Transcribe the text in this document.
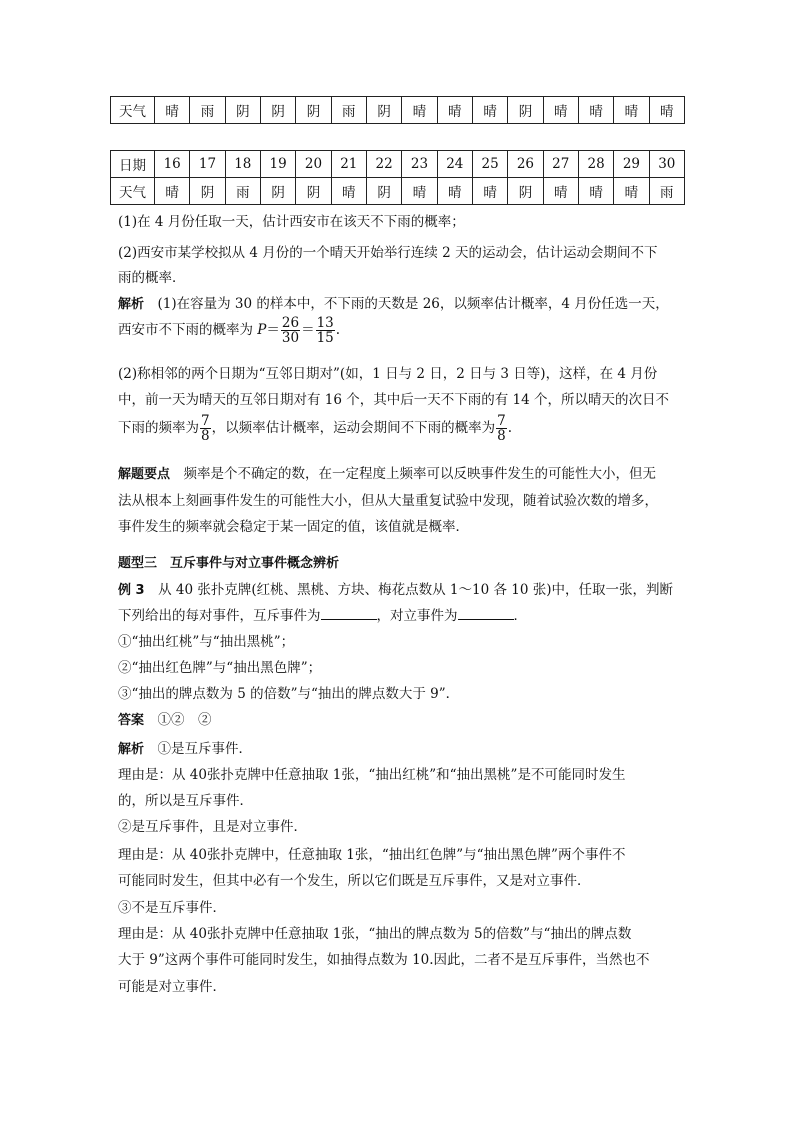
天气	晴	雨	阴	阴	阴	雨	阴	晴	晴	晴	阴	晴	晴	晴	晴
日期	16	17	18	19	20	21	22	23	24	25	26	27	28	29	30
天气	晴	阴	雨	阴	阴	晴	阴	晴	晴	晴	阴	晴	晴	晴	雨
(1)在 4 月份任取一天，估计西安市在该天不下雨的概率；
(2)西安市某学校拟从 4 月份的一个晴天开始举行连续 2 天的运动会，估计运动会期间不下
雨的概率．
解析　 (1)在容量为 30 的样本中，不下雨的天数是 26，以频率估计概率，4 月份任选一天，
西安市不下雨的概率为 $P= \frac{26}{30} = \frac{13}{15}$ .
(2)称相邻的两个日期为“互邻日期对”(如，1 日与 2 日，2 日与 3 日等)，这样，在 4 月份
中，前一天为晴天的互邻日期对有 16 个，其中后一天不下雨的有 14 个，所以晴天的次日不
下雨的频率为 $\frac{7}{8}$ ，以频率估计概率，运动会期间不下雨的概率为 $\frac{7}{8}$ .
解题要点　 频率是个不确定的数，在一定程度上频率可以反映事件发生的可能性大小，但无
法从根本上刻画事件发生的可能性大小，但从大量重复试验中发现，随着试验次数的增多，
事件发生的频率就会稳定于某一固定的值，该值就是概率．
题型三　互斥事件与对立事件概念辨析
例 3　 从 40 张扑克牌(红桃、黑桃、方块、梅花点数从 1～10 各 10 张)中，任取一张，判断
下列给出的每对事件，互斥事件为	，对立事件为	．
①“抽出红桃”与“抽出黑桃”；
②“抽出红色牌”与“抽出黑色牌”；
③“抽出的牌点数为 5 的倍数”与“抽出的牌点数大于 9”．
答案　 ①②　②
解析　 ①是互斥事件．
理由是：从 40张扑克牌中任意抽取 1张，“抽出红桃”和“抽出黑桃”是不可能同时发生
的，所以是互斥事件．
②是互斥事件，且是对立事件．
理由是：从 40张扑克牌中，任意抽取 1张，“抽出红色牌”与“抽出黑色牌”两个事件不
可能同时发生，但其中必有一个发生，所以它们既是互斥事件，又是对立事件．
③不是互斥事件．
理由是：从 40张扑克牌中任意抽取 1张，“抽出的牌点数为 5的倍数”与“抽出的牌点数
大于 9”这两个事件可能同时发生，如抽得点数为 10.因此，二者不是互斥事件，当然也不
可能是对立事件．
